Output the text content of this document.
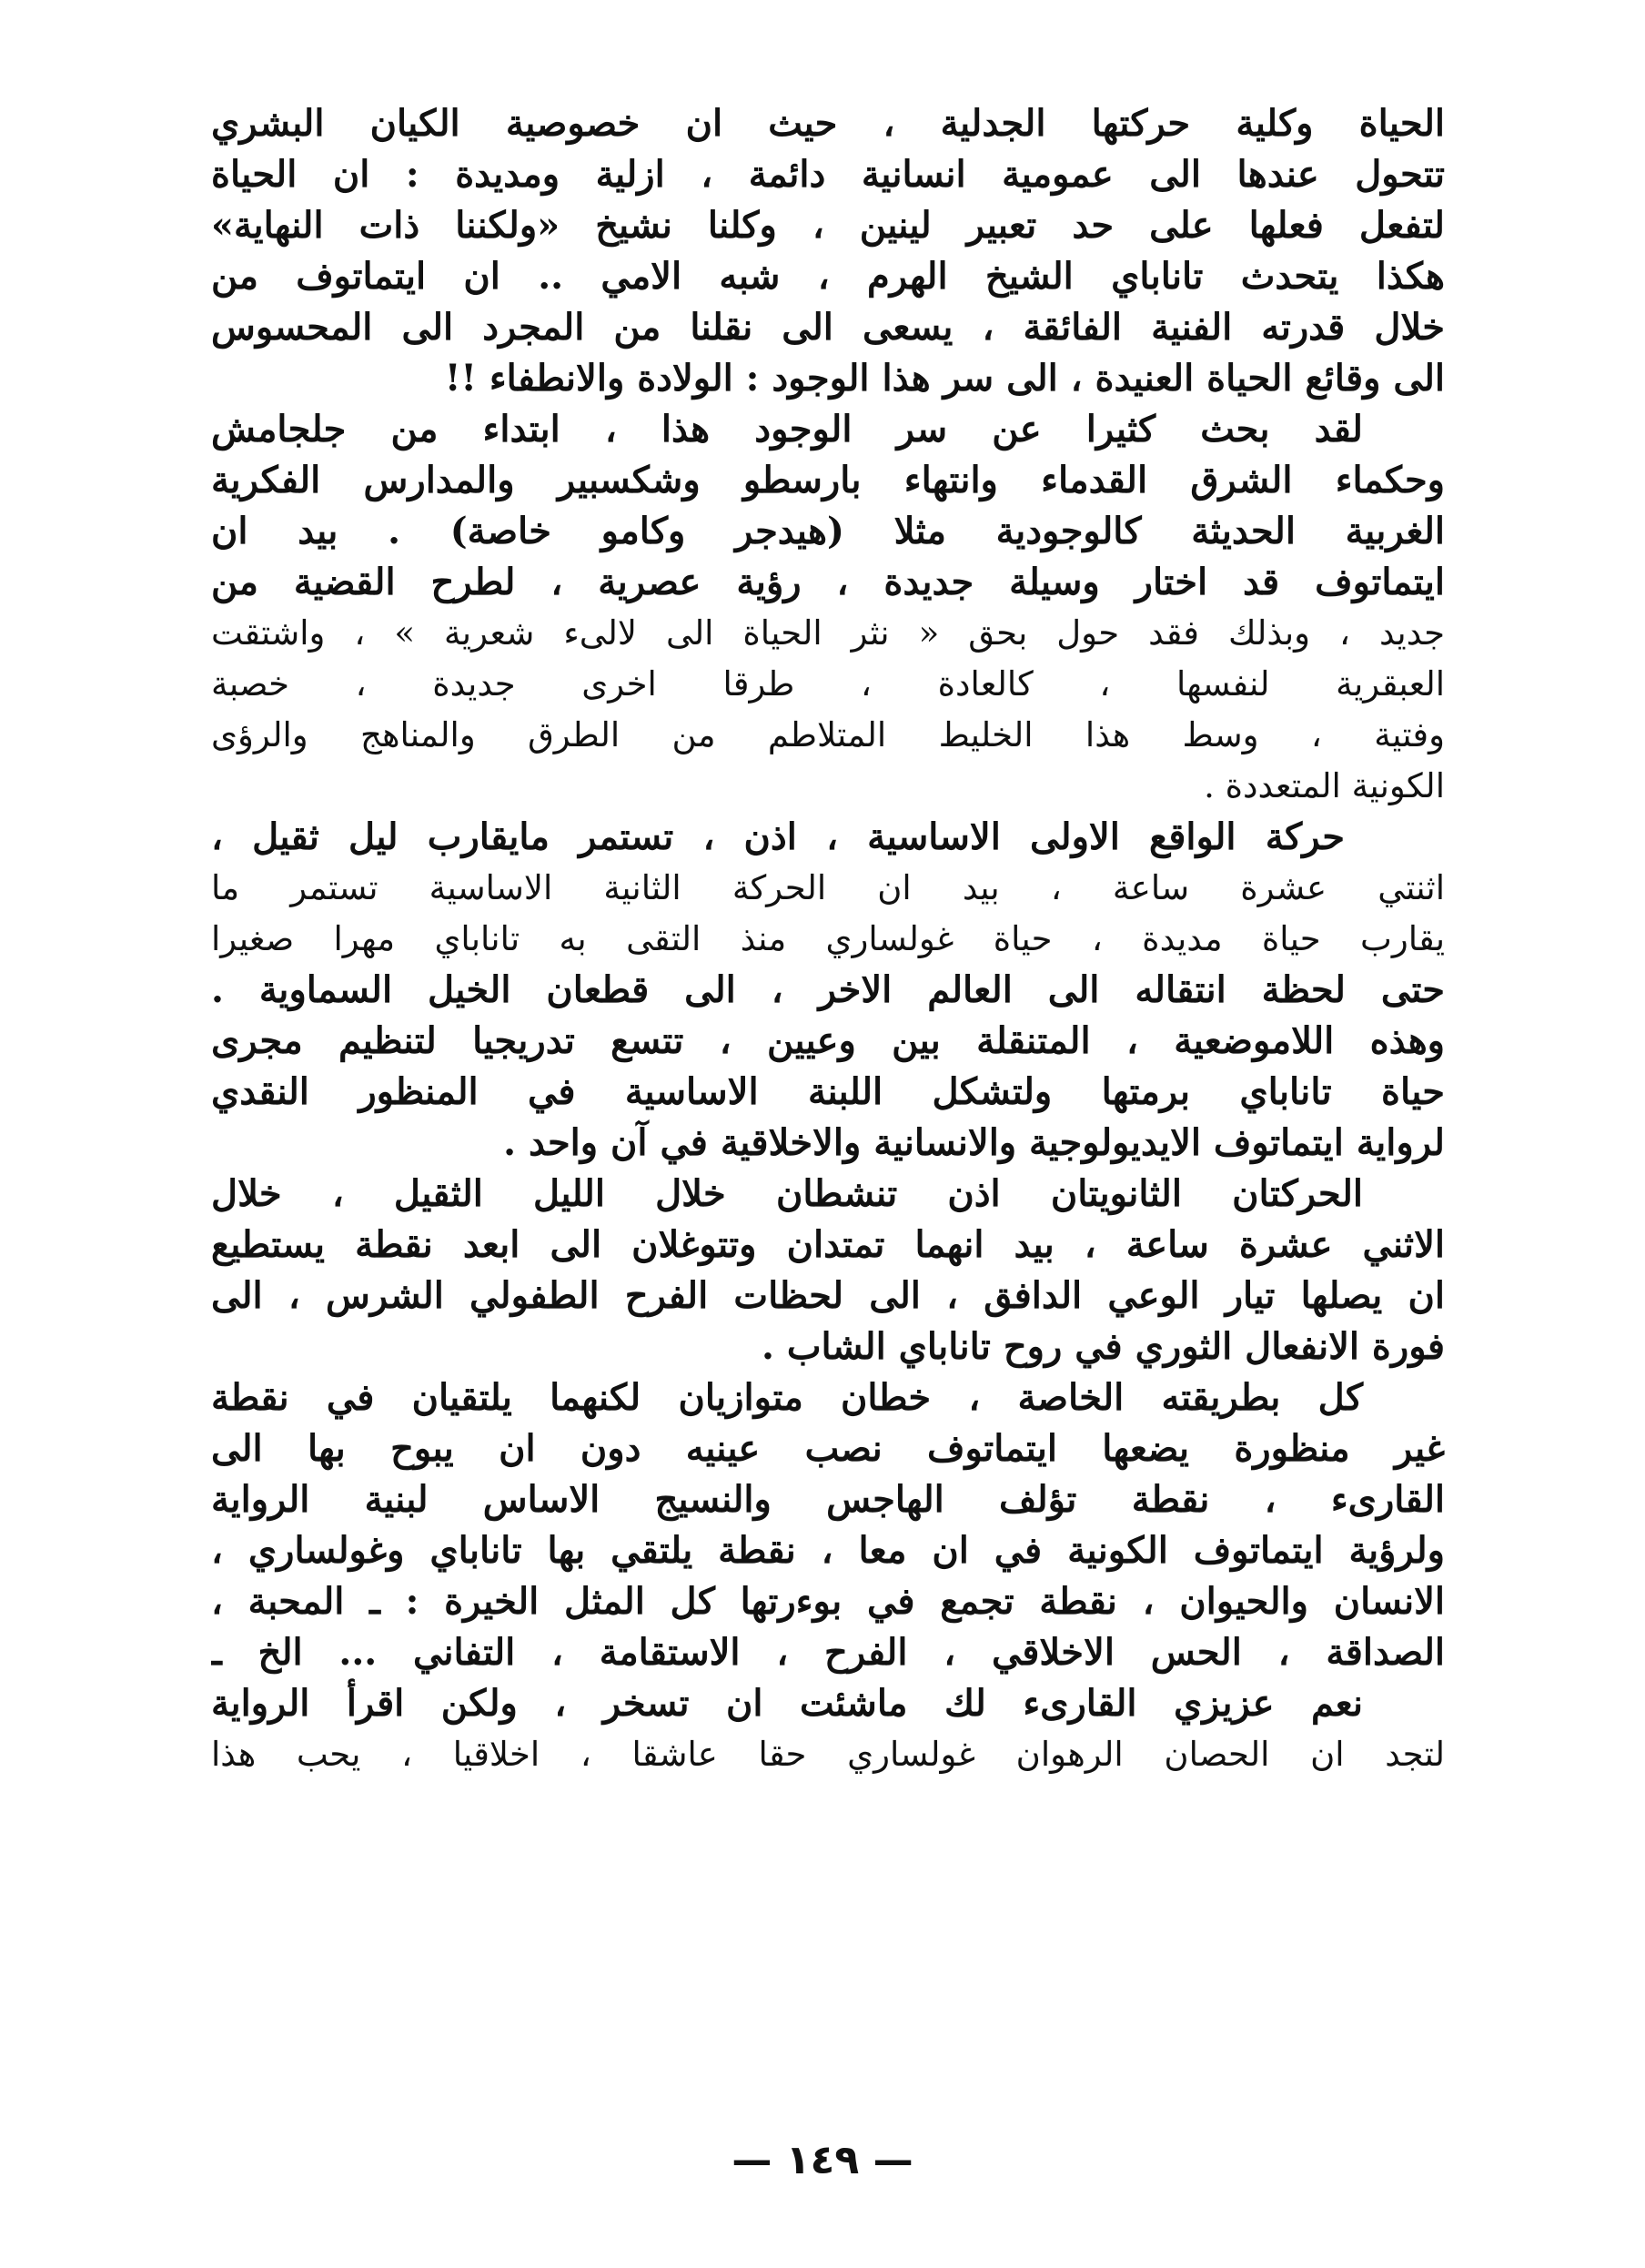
الحياة وكلية حركتها الجدلية ، حيث ان خصوصية الكيان البشري
تتحول عندها الى عمومية انسانية دائمة ، ازلية ومديدة : ان الحياة
لتفعل فعلها على حد تعبير لينين ، وكلنا نشيخ «ولكننا ذات النهاية»
هكذا يتحدث تاناباي الشيخ الهرم ، شبه الامي .. ان ايتماتوف من
خلال قدرته الفنية الفائقة ، يسعى الى نقلنا من المجرد الى المحسوس
الى وقائع الحياة العنيدة ، الى سر هذا الوجود : الولادة والانطفاء !!
لقد بحث كثيرا عن سر الوجود هذا ، ابتداء من جلجامش
وحكماء الشرق القدماء وانتهاء بارسطو وشكسبير والمدارس الفكرية
الغربية الحديثة كالوجودية مثلا (هيدجر وكامو خاصة) . بيد ان
ايتماتوف قد اختار وسيلة جديدة ، رؤية عصرية ، لطرح القضية من
جديد ، وبذلك فقد حول بحق « نثر الحياة الى لالىء شعرية » ، واشتقت
العبقرية لنفسها ، كالعادة ، طرقا اخرى جديدة ، خصبة
وفتية ، وسط هذا الخليط المتلاطم من الطرق والمناهج والرؤى
الكونية المتعددة .
حركة الواقع الاولى الاساسية ، اذن ، تستمر مايقارب ليل ثقيل ،
اثنتي عشرة ساعة ، بيد ان الحركة الثانية الاساسية تستمر ما
يقارب حياة مديدة ، حياة غولساري منذ التقى به تاناباي مهرا صغيرا
حتى لحظة انتقاله الى العالم الاخر ، الى قطعان الخيل السماوية .
وهذه اللاموضعية ، المتنقلة بين وعيين ، تتسع تدريجيا لتنظيم مجرى
حياة تاناباي برمتها ولتشكل اللبنة الاساسية في المنظور النقدي
لرواية ايتماتوف الايديولوجية والانسانية والاخلاقية في آن واحد .
الحركتان الثانويتان اذن تنشطان خلال الليل الثقيل ، خلال
الاثني عشرة ساعة ، بيد انهما تمتدان وتتوغلان الى ابعد نقطة يستطيع
ان يصلها تيار الوعي الدافق ، الى لحظات الفرح الطفولي الشرس ، الى
فورة الانفعال الثوري في روح تاناباي الشاب .
كل بطريقته الخاصة ، خطان متوازيان لكنهما يلتقيان في نقطة
غير منظورة يضعها ايتماتوف نصب عينيه دون ان يبوح بها الى
القارىء ، نقطة تؤلف الهاجس والنسيج الاساس لبنية الرواية
ولرؤية ايتماتوف الكونية في ان معا ، نقطة يلتقي بها تاناباي وغولساري ،
الانسان والحيوان ، نقطة تجمع في بوءرتها كل المثل الخيرة : ـ المحبة ،
الصداقة ، الحس الاخلاقي ، الفرح ، الاستقامة ، التفاني ... الخ ـ
نعم عزيزي القارىء لك ماشئت ان تسخر ، ولكن اقرأ الرواية
لتجد ان الحصان الرهوان غولساري حقا عاشقا ، اخلاقيا ، يحب هذا
— ١٤٩ —
